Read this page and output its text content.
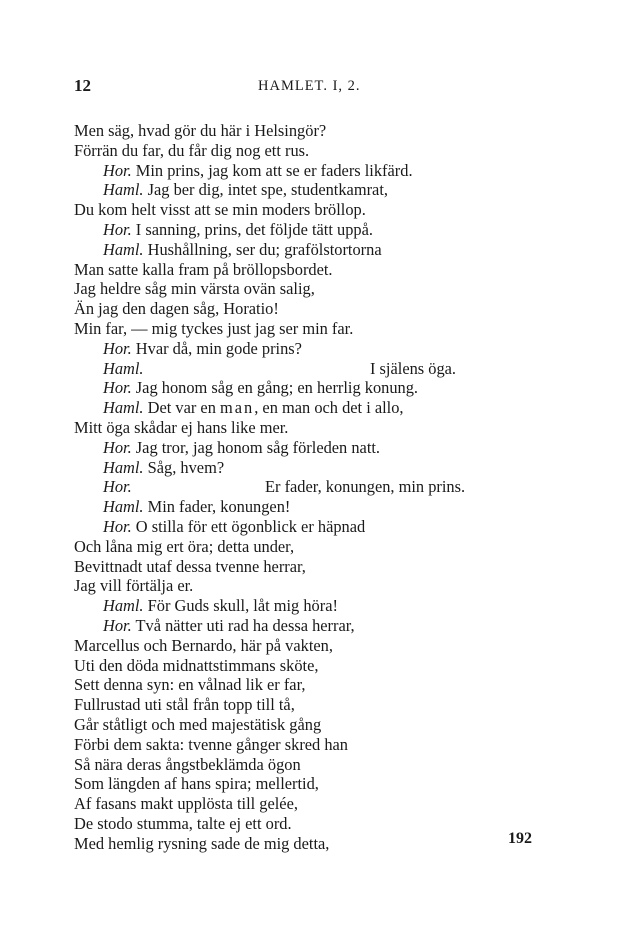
12	HAMLET. I, 2.
Men säg, hvad gör du här i Helsingör?
Förrän du far, du får dig nog ett rus.
Hor. Min prins, jag kom att se er faders likfärd.
Haml. Jag ber dig, intet spe, studentkamrat,
Du kom helt visst att se min moders bröllop.
Hor. I sanning, prins, det följde tätt uppå.
Haml. Hushållning, ser du; grafölstortorna
Man satte kalla fram på bröllopsbordet.
Jag heldre såg min värsta ovän salig,
Än jag den dagen såg, Horatio!
Min far, — mig tyckes just jag ser min far.
Hor. Hvar då, min gode prins?
Haml.	I själens öga.
Hor. Jag honom såg en gång; en herrlig konung.
Haml. Det var en man, en man och det i allo,
Mitt öga skådar ej hans like mer.
Hor. Jag tror, jag honom såg förleden natt.
Haml. Såg, hvem?
Hor.	Er fader, konungen, min prins.
Haml. Min fader, konungen!
Hor. O stilla för ett ögonblick er häpnad
Och låna mig ert öra; detta under,
Bevittnadt utaf dessa tvenne herrar,
Jag vill förtälja er.
Haml. För Guds skull, låt mig höra!
Hor. Två nätter uti rad ha dessa herrar,
Marcellus och Bernardo, här på vakten,
Uti den döda midnattstimmans sköte,
Sett denna syn: en vålnad lik er far,
Fullrustad uti stål från topp till tå,
Går ståtligt och med majestätisk gång
Förbi dem sakta: tvenne gånger skred han
Så nära deras ångstbeklämda ögon
Som längden af hans spira; mellertid,
Af fasans makt upplösta till gelée,
De stodo stumma, talte ej ett ord.
Med hemlig rysning sade de mig detta,	192
